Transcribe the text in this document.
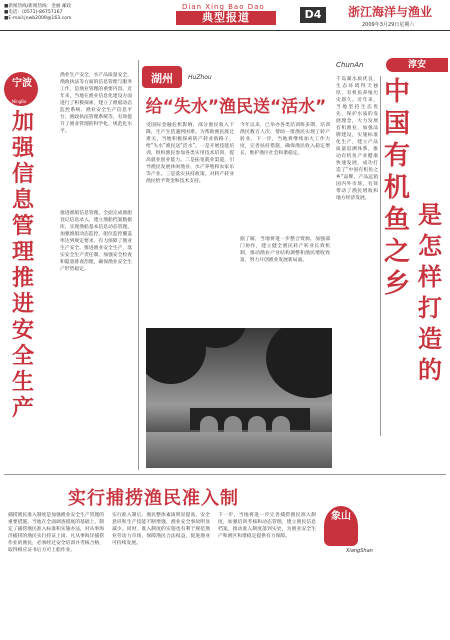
■新闻热线/新闻热线：金丽 邮政
■电话：(0571)-86757167
■E-mail:jnwb2009@163.com
Dian Xing Bao Dao
典型报道	D4	浙江海洋与渔业
2009年3月29日星期六
宁波
NingBo
加强信息管理 推进安全生产
渔业生产安全，水产品质量安全，渔政执法等方面的信息管理与服务工作，是渔业管理的重要内容。近年来，当地在渔业信息化建设方面进行了积极探索，建立了渔船动态监控系统、渔业安全生产信息平台、渔政执法管理系统等，有效提升了渔业管理的科学化、规范化水平。
推进渔船信息管理。全面完成渔船登记信息录入，建立渔船档案数据库，实现渔船基本信息动态管理。加强渔船动态监控，船位监控覆盖率达到规定要求，有力保障了渔业生产安全。推进渔业安全生产，落实安全生产责任制，加强安全检查和隐患排查治理，确保渔业安全生产形势稳定。
湖州	HuZhou
给“失水”渔民送“活水”
受国际金融危机影响，部分渔民收入下降，生产生活遇到困难。为帮助渔民渡过难关，当地积极探索转产转业新路子，给“失水”渔民送“活水”。一是开展技能培训，组织渔民参加各类实用技术培训，提高就业创业能力。二是拓宽就业渠道，引导渔民发展休闲渔业、水产养殖和农家乐等产业。三是落实扶持政策，对转产转业渔民给予资金和技术支持。
今年以来，已举办各类培训班多期，培训渔民数百人次，帮助一批渔民实现了转产转业。下一步，当地将继续加大工作力度，完善扶持措施，确保渔民收入稳定增长，维护渔区社会和谐稳定。
据了解，当地将进一步整合资源，加强部门协作，建立健全渔民转产转业长效机制，推动渔业产业结构调整和渔民增收致富，努力开创渔业发展新局面。
ChunAn	淳安
千岛湖水质优良，生态环境得天独厚，有机鱼养殖历史悠久。近年来，当地坚持生态优先、保护水质的发展理念，大力发展有机渔业，加强品牌建设，实施标准化生产，建立产品质量追溯体系，推动有机鱼产业健康快速发展，成功打造了“中国有机鱼之乡”品牌，产品远销国内外市场，有效带动了渔民增收和地方经济发展。
中国有机鱼之乡
是怎样打造的
实行捕捞渔民准入制
象山
XiangShan
捕捞渔民准入制度是加强渔业安全生产管理的重要措施。当地在全面调查摸底的基础上，制定了捕捞渔民准入标准和实施办法，对从事海洋捕捞的渔民实行持证上岗。凡从事海洋捕捞作业的渔民，必须经过安全培训并考核合格，取得相应证书后方可上船作业。
实行准入制后，渔民整体素质明显提高，安全意识和生产技能不断增强，渔业安全事故明显减少。同时，准入制度的实施也有利于规范渔业劳动力市场，保障渔民合法权益，促进渔业可持续发展。
下一步，当地将进一步完善捕捞渔民准入制度，加强培训考核和动态管理，建立渔民信息档案，推动准入制度落到实处，为渔业安全生产和渔区和谐稳定提供有力保障。
